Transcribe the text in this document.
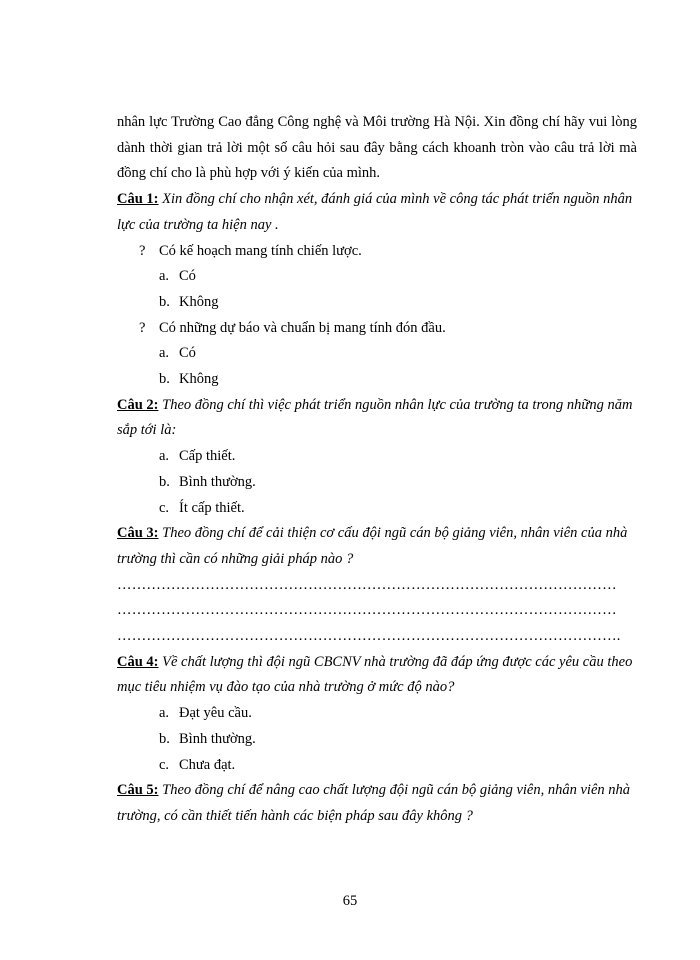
nhân lực Trường Cao đẳng Công nghệ và Môi trường Hà Nội. Xin đồng chí hãy vui lòng dành thời gian trả lời một số câu hỏi sau đây bằng cách khoanh tròn vào câu trả lời mà đồng chí cho là phù hợp với ý kiến của mình.

Câu 1: Xin đồng chí cho nhận xét, đánh giá của mình về công tác phát triển nguồn nhân lực của trường ta hiện nay .

? Có kế hoạch mang tính chiến lược.
a. Có
b. Không
? Có những dự báo và chuẩn bị mang tính đón đầu.
a. Có
b. Không

Câu 2: Theo đồng chí thì việc phát triển nguồn nhân lực của trường ta trong những năm sắp tới là:

a. Cấp thiết.
b. Bình thường.
c. Ít cấp thiết.

Câu 3: Theo đồng chí để cải thiện cơ cấu đội ngũ cán bộ giảng viên, nhân viên của nhà trường thì cần có những giải pháp nào ?

…………………………………………………………………………………………
…………………………………………………………………………………………
………………………………………………………………………………………….

Câu 4: Về chất lượng thì đội ngũ CBCNV nhà trường đã đáp ứng được các yêu cầu theo mục tiêu nhiệm vụ đào tạo của nhà trường ở mức độ nào?

a. Đạt yêu cầu.
b. Bình thường.
c. Chưa đạt.

Câu 5: Theo đồng chí để nâng cao chất lượng đội ngũ cán bộ giảng viên, nhân viên nhà trường, có cần thiết tiến hành các biện pháp sau đây không ?

65
